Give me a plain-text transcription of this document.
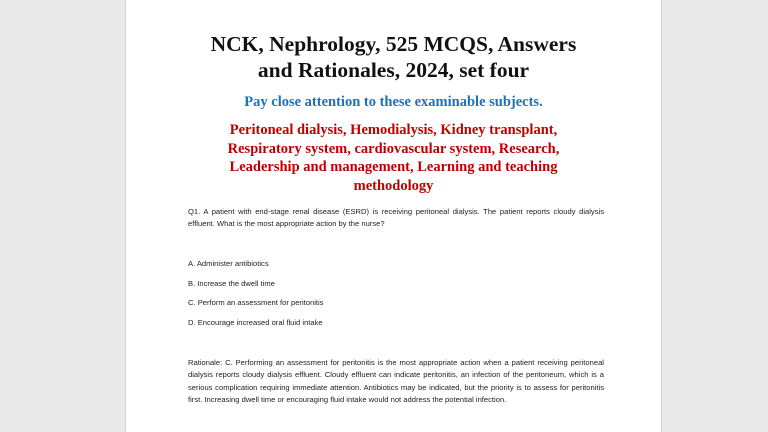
NCK, Nephrology, 525 MCQS, Answers
and Rationales, 2024, set four
Pay close attention to these examinable subjects.
Peritoneal dialysis, Hemodialysis, Kidney transplant,
Respiratory system, cardiovascular system, Research,
Leadership and management, Learning and teaching
methodology
Q1. A patient with end-stage renal disease (ESRD) is receiving peritoneal dialysis. The patient reports cloudy dialysis effluent. What is the most appropriate action by the nurse?
A. Administer antibiotics
B. Increase the dwell time
C. Perform an assessment for peritonitis
D. Encourage increased oral fluid intake
Rationale: C. Performing an assessment for peritonitis is the most appropriate action when a patient receiving peritoneal dialysis reports cloudy dialysis effluent. Cloudy effluent can indicate peritonitis, an infection of the peritoneum, which is a serious complication requiring immediate attention. Antibiotics may be indicated, but the priority is to assess for peritonitis first. Increasing dwell time or encouraging fluid intake would not address the potential infection.
